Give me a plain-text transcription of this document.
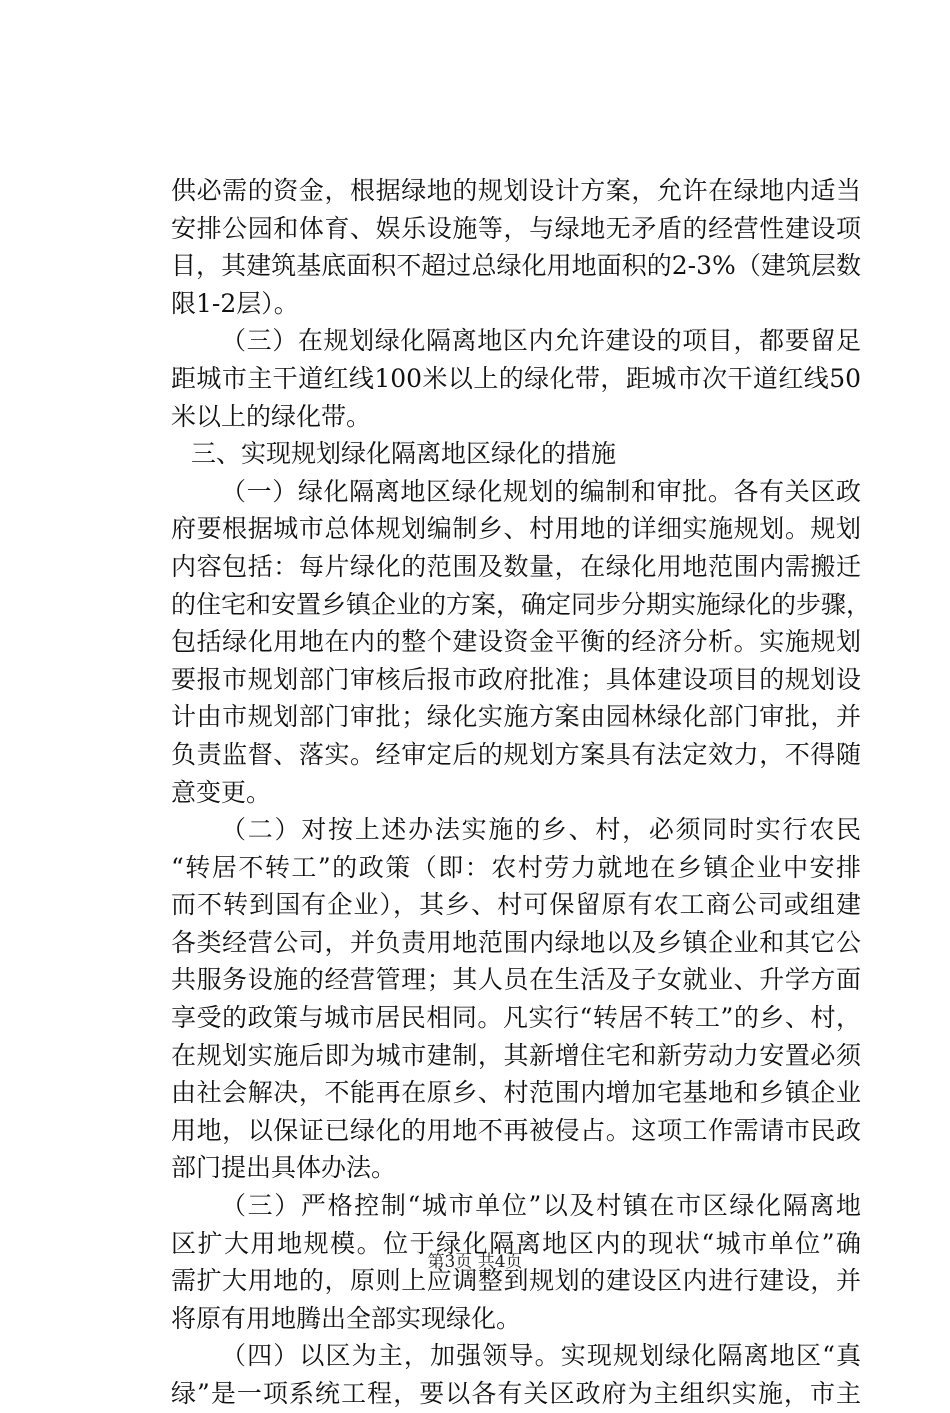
供必需的资金，根据绿地的规划设计方案，允许在绿地内适当
安排公园和体育、娱乐设施等，与绿地无矛盾的经营性建设项
目，其建筑基底面积不超过总绿化用地面积的2-3%（建筑层数
限1-2层）。
（三）在规划绿化隔离地区内允许建设的项目，都要留足
距城市主干道红线100米以上的绿化带，距城市次干道红线50
米以上的绿化带。
三、实现规划绿化隔离地区绿化的措施
（一）绿化隔离地区绿化规划的编制和审批。各有关区政
府要根据城市总体规划编制乡、村用地的详细实施规划。规划
内容包括：每片绿化的范围及数量，在绿化用地范围内需搬迁
的住宅和安置乡镇企业的方案，确定同步分期实施绿化的步骤，
包括绿化用地在内的整个建设资金平衡的经济分析。实施规划
要报市规划部门审核后报市政府批准；具体建设项目的规划设
计由市规划部门审批；绿化实施方案由园林绿化部门审批，并
负责监督、落实。经审定后的规划方案具有法定效力，不得随
意变更。
（二）对按上述办法实施的乡、村，必须同时实行农民
“转居不转工”的政策（即：农村劳力就地在乡镇企业中安排
而不转到国有企业），其乡、村可保留原有农工商公司或组建
各类经营公司，并负责用地范围内绿地以及乡镇企业和其它公
共服务设施的经营管理；其人员在生活及子女就业、升学方面
享受的政策与城市居民相同。凡实行“转居不转工”的乡、村，
在规划实施后即为城市建制，其新增住宅和新劳动力安置必须
由社会解决，不能再在原乡、村范围内增加宅基地和乡镇企业
用地，以保证已绿化的用地不再被侵占。这项工作需请市民政
部门提出具体办法。
（三）严格控制“城市单位”以及村镇在市区绿化隔离地
区扩大用地规模。位于绿化隔离地区内的现状“城市单位”确
需扩大用地的，原则上应调整到规划的建设区内进行建设，并
将原有用地腾出全部实现绿化。
（四）以区为主，加强领导。实现规划绿化隔离地区“真
绿”是一项系统工程，要以各有关区政府为主组织实施，市主
第3页 共4页
